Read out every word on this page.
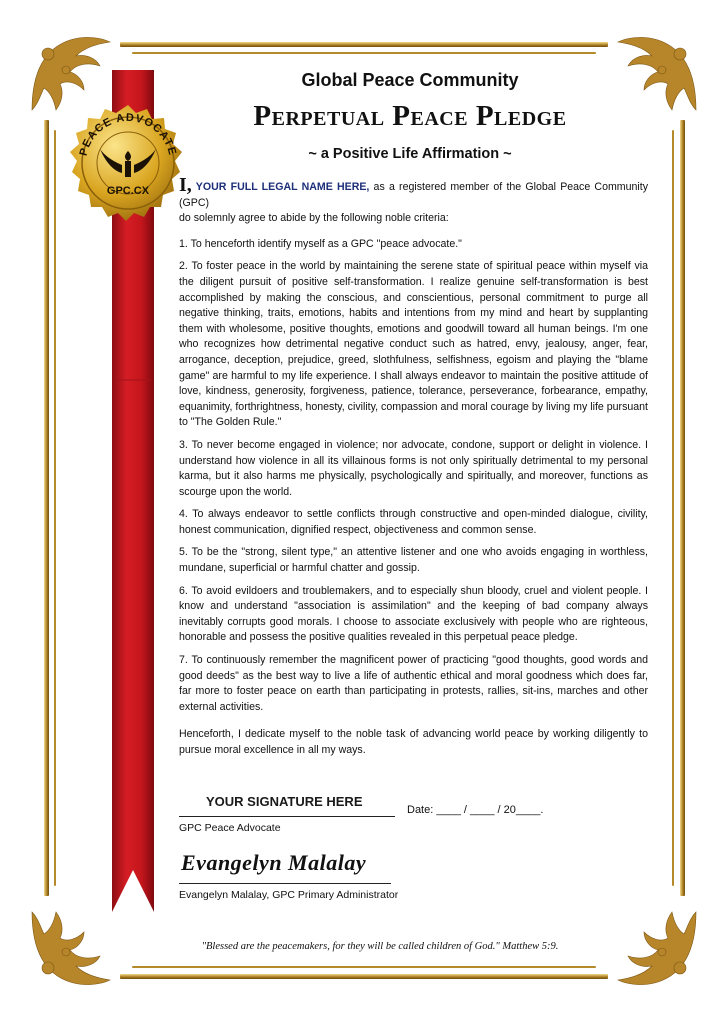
PEACE ADVOCATE
GPC.CX
Global Peace Community
Perpetual Peace Pledge
~ a Positive Life Affirmation ~
I, YOUR FULL LEGAL NAME HERE, as a registered member of the Global Peace Community (GPC)
do solemnly agree to abide by the following noble criteria:

1. To henceforth identify myself as a GPC "peace advocate."

2. To foster peace in the world by maintaining the serene state of spiritual peace within myself via the diligent pursuit of positive self-transformation. I realize genuine self-transformation is best accomplished by making the conscious, and conscientious, personal commitment to purge all negative thinking, traits, emotions, habits and intentions from my mind and heart by supplanting them with wholesome, positive thoughts, emotions and goodwill toward all human beings. I'm one who recognizes how detrimental negative conduct such as hatred, envy, jealousy, anger, fear, arrogance, deception, prejudice, greed, slothfulness, selfishness, egoism and playing the "blame game" are harmful to my life experience. I shall always endeavor to maintain the positive attitude of love, kindness, generosity, forgiveness, patience, tolerance, perseverance, forbearance, empathy, equanimity, forthrightness, honesty, civility, compassion and moral courage by living my life pursuant to "The Golden Rule."

3. To never become engaged in violence; nor advocate, condone, support or delight in violence. I understand how violence in all its villainous forms is not only spiritually detrimental to my personal karma, but it also harms me physically, psychologically and spiritually, and moreover, functions as scourge upon the world.

4. To always endeavor to settle conflicts through constructive and open-minded dialogue, civility, honest communication, dignified respect, objectiveness and common sense.

5. To be the "strong, silent type," an attentive listener and one who avoids engaging in worthless, mundane, superficial or harmful chatter and gossip.

6. To avoid evildoers and troublemakers, and to especially shun bloody, cruel and violent people. I know and understand "association is assimilation" and the keeping of bad company always inevitably corrupts good morals. I choose to associate exclusively with people who are righteous, honorable and possess the positive qualities revealed in this perpetual peace pledge.

7. To continuously remember the magnificent power of practicing "good thoughts, good words and good deeds" as the best way to live a life of authentic ethical and moral goodness which does far, far more to foster peace on earth than participating in protests, rallies, sit-ins, marches and other external activities.

Henceforth, I dedicate myself to the noble task of advancing world peace by working diligently to pursue moral excellence in all my ways.

YOUR SIGNATURE HERE
GPC Peace Advocate
Date: ____ / ____ / 20____.
Evangelyn Malalay
Evangelyn Malalay, GPC Primary Administrator
"Blessed are the peacemakers, for they will be called children of God." Matthew 5:9.
